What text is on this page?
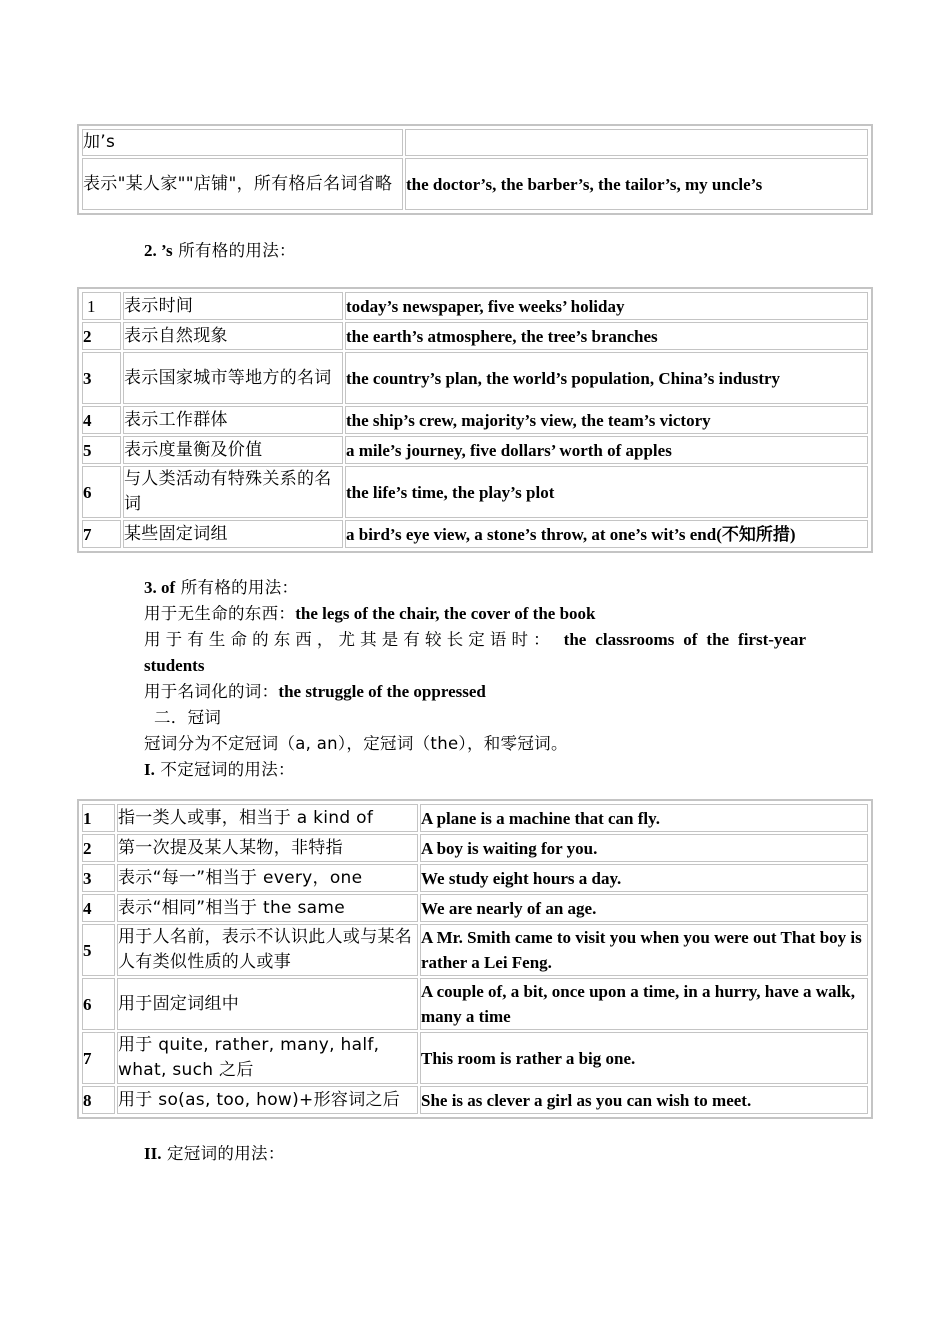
加’s	
表示"某人家""店铺"，所有格后名词省略	the doctor’s, the barber’s, the tailor’s, my uncle’s
2. ’s 所有格的用法：
1	表示时间	today’s newspaper, five weeks’ holiday
2	表示自然现象	the earth’s atmosphere, the tree’s branches
3	表示国家城市等地方的名词	the country’s plan, the world’s population, China’s industry
4	表示工作群体	the ship’s crew, majority’s view, the team’s victory
5	表示度量衡及价值	a mile’s journey, five dollars’ worth of apples
6	与人类活动有特殊关系的名词	the life’s time, the play’s plot
7	某些固定词组	a bird’s eye view, a stone’s throw, at one’s wit’s end(不知所措)
3. of 所有格的用法：
用于无生命的东西：the legs of the chair, the cover of the book
用于有生命的东西，尤其是有较长定语时： the classrooms of the first-year students
用于名词化的词：the struggle of the oppressed
二．冠词
冠词分为不定冠词（a, an），定冠词（the），和零冠词。
I. 不定冠词的用法：
1	指一类人或事，相当于 a kind of	A plane is a machine that can fly.
2	第一次提及某人某物，非特指	A boy is waiting for you.
3	表示“每一”相当于 every，one	We study eight hours a day.
4	表示“相同”相当于 the same	We are nearly of an age.
5	用于人名前，表示不认识此人或与某名人有类似性质的人或事	A Mr. Smith came to visit you when you were out That boy is rather a Lei Feng.
6	用于固定词组中	A couple of, a bit, once upon a time, in a hurry, have a walk, many a time
7	用于 quite, rather, many, half, what, such 之后	This room is rather a big one.
8	用于 so(as, too, how)+形容词之后	She is as clever a girl as you can wish to meet.
II. 定冠词的用法：
